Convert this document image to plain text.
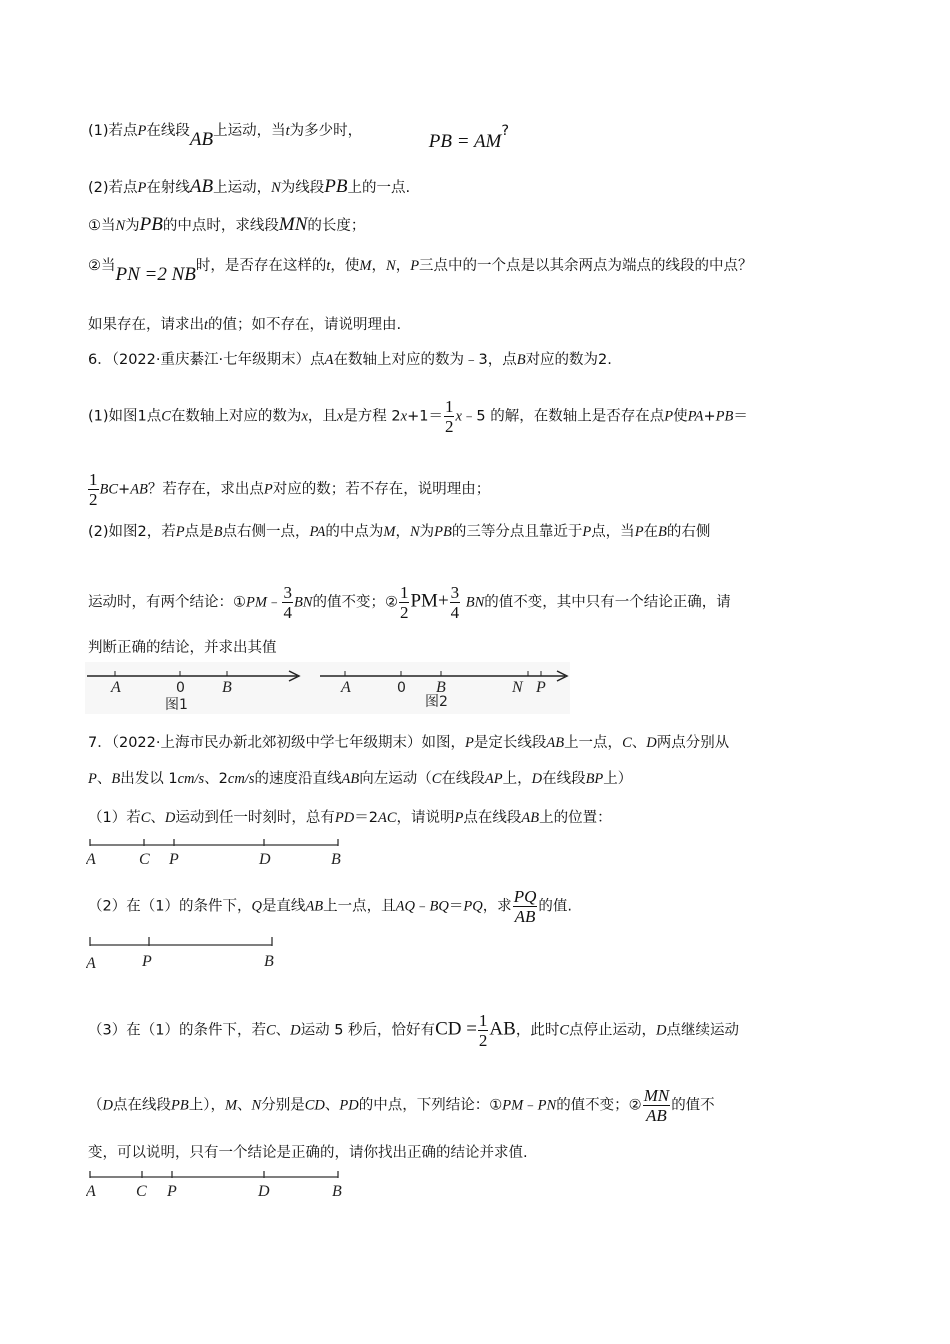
(1)若点P在线段AB上运动，当t为多少时，	PB = AM?
(2)若点P在射线AB上运动，N为线段PB上的一点.
①当N为PB的中点时，求线段MN的长度；
②当PN =2 NB时，是否存在这样的t，使M，N，P三点中的一个点是以其余两点为端点的线段的中点？
如果存在，请求出t的值；如不存在，请说明理由.
6．（2022·重庆綦江·七年级期末）点A在数轴上对应的数为﹣3，点B对应的数为2.
(1)如图1点C在数轴上对应的数为x，且x是方程 $2x+1= \frac{1}{2}$ x﹣5 的解，在数轴上是否存在点P使PA+PB＝
$\frac{1}{2} BC+AB$？若存在，求出点P对应的数；若不存在，说明理由；
(2)如图2，若P点是B点右侧一点，PA的中点为M，N为PB的三等分点且靠近于P点，当P在B的右侧
运动时，有两个结论：①PM﹣ $\frac{3}{4}$ BN的值不变；② $\frac{1}{2} PM+ \frac{3}{4}$ BN的值不变，其中只有一个结论正确，请
判断正确的结论，并求出其值
A	0 B
图1
A	0 B	N P
图2
7．（2022·上海市民办新北郊初级中学七年级期末）如图，P是定长线段AB上一点，C、D两点分别从
P、B出发以 1cm/s、2cm/s的速度沿直线AB向左运动（C在线段AP上，D在线段BP上）
（1）若C、D运动到任一时刻时，总有PD＝2AC，请说明P点在线段AB上的位置：
A	C P	D	B
（2）在（1）的条件下，Q是直线AB上一点，且AQ﹣BQ＝PQ，求 $\frac{PQ}{AB}$ 的值.
A	P	B
（3）在（1）的条件下，若C、D运动 5 秒后，恰好有CD = $\frac{1}{2}$ AB，此时C点停止运动，D点继续运动
（D点在线段PB上），M、N分别是CD、PD的中点，下列结论：①PM﹣PN的值不变；② $\frac{MN}{AB}$ 的值不
变，可以说明，只有一个结论是正确的，请你找出正确的结论并求值.
A	C P	D	B
